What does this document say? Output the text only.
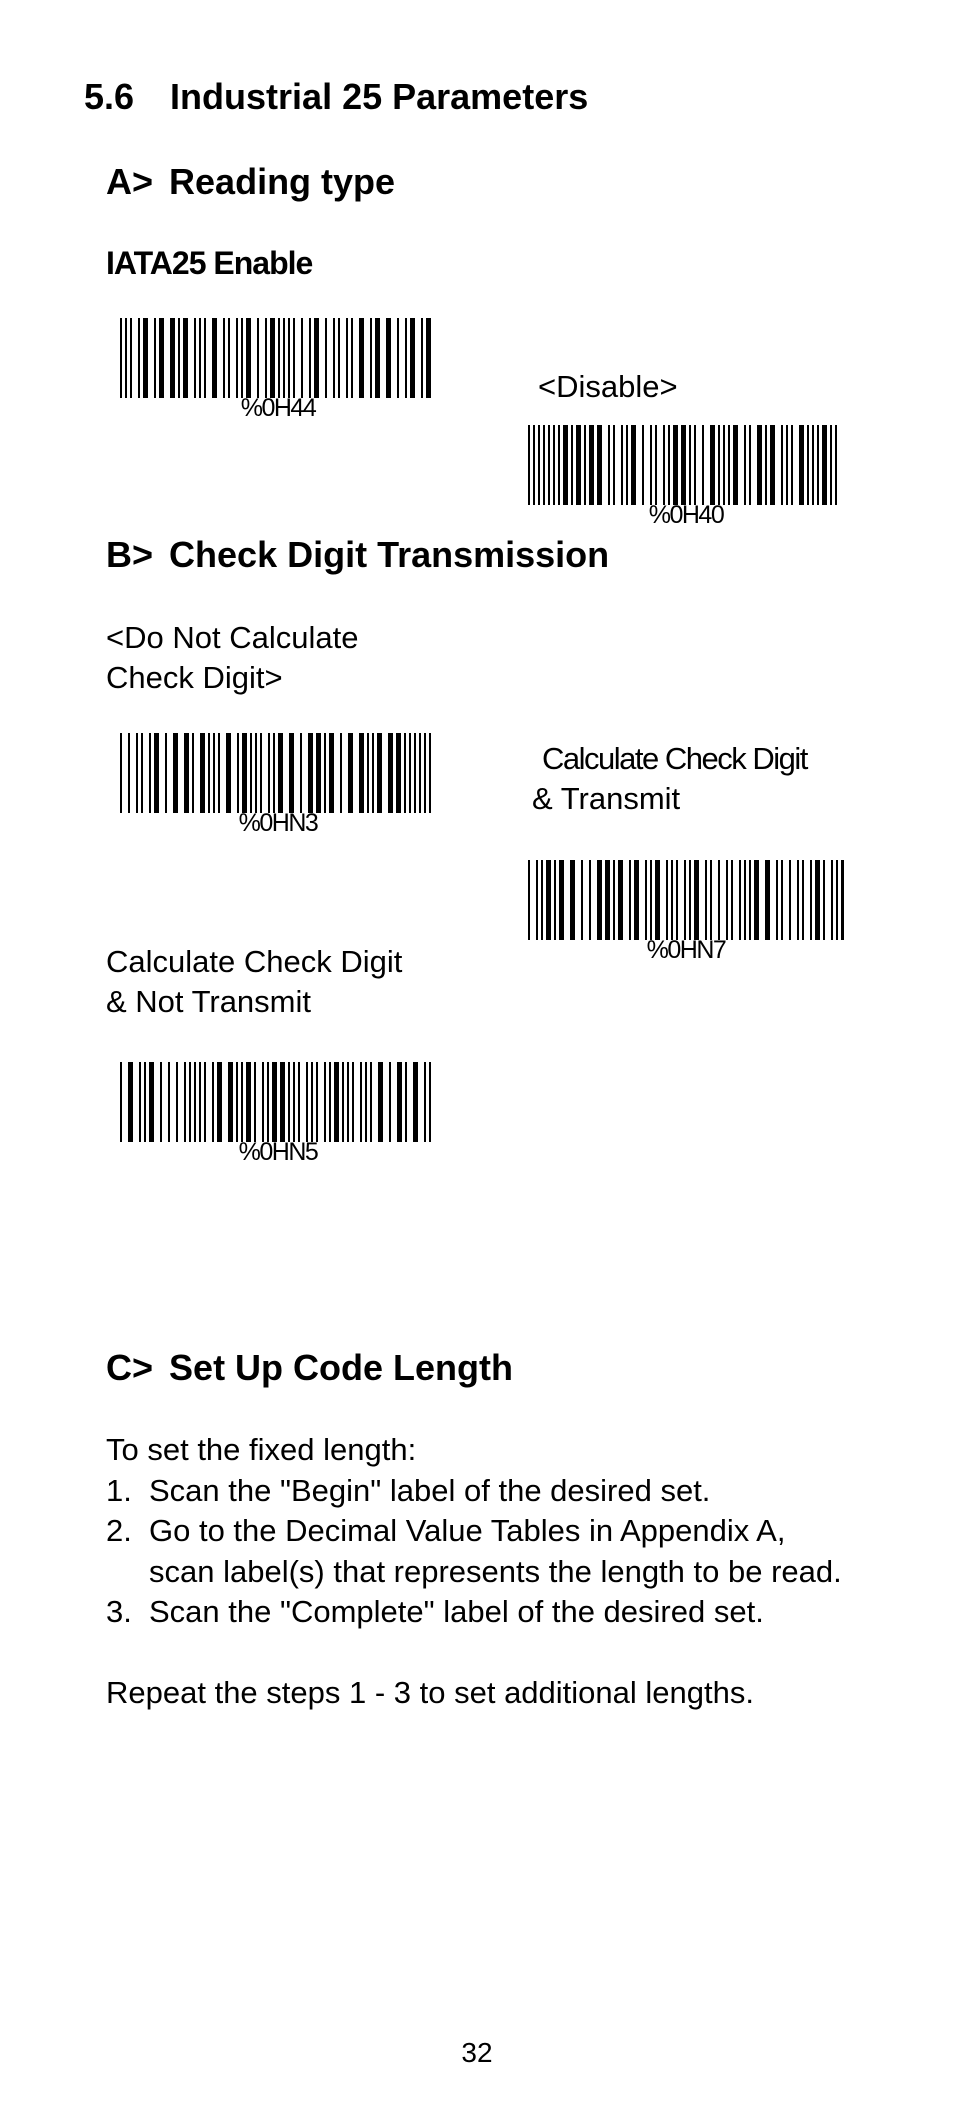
5.6 Industrial 25 Parameters
A> Reading type
IATA25 Enable
%0H44
<Disable>
%0H40
B> Check Digit Transmission
<Do Not Calculate
Check Digit>
%0HN3
Calculate Check Digit
& Transmit
%0HN7
Calculate Check Digit
& Not Transmit
%0HN5
C> Set Up Code Length
To set the fixed length:
1. Scan the "Begin" label of the desired set.
2. Go to the Decimal Value Tables in Appendix A, scan label(s) that represents the length to be read.
3. Scan the "Complete" label of the desired set.
Repeat the steps 1 - 3 to set additional lengths.
32
